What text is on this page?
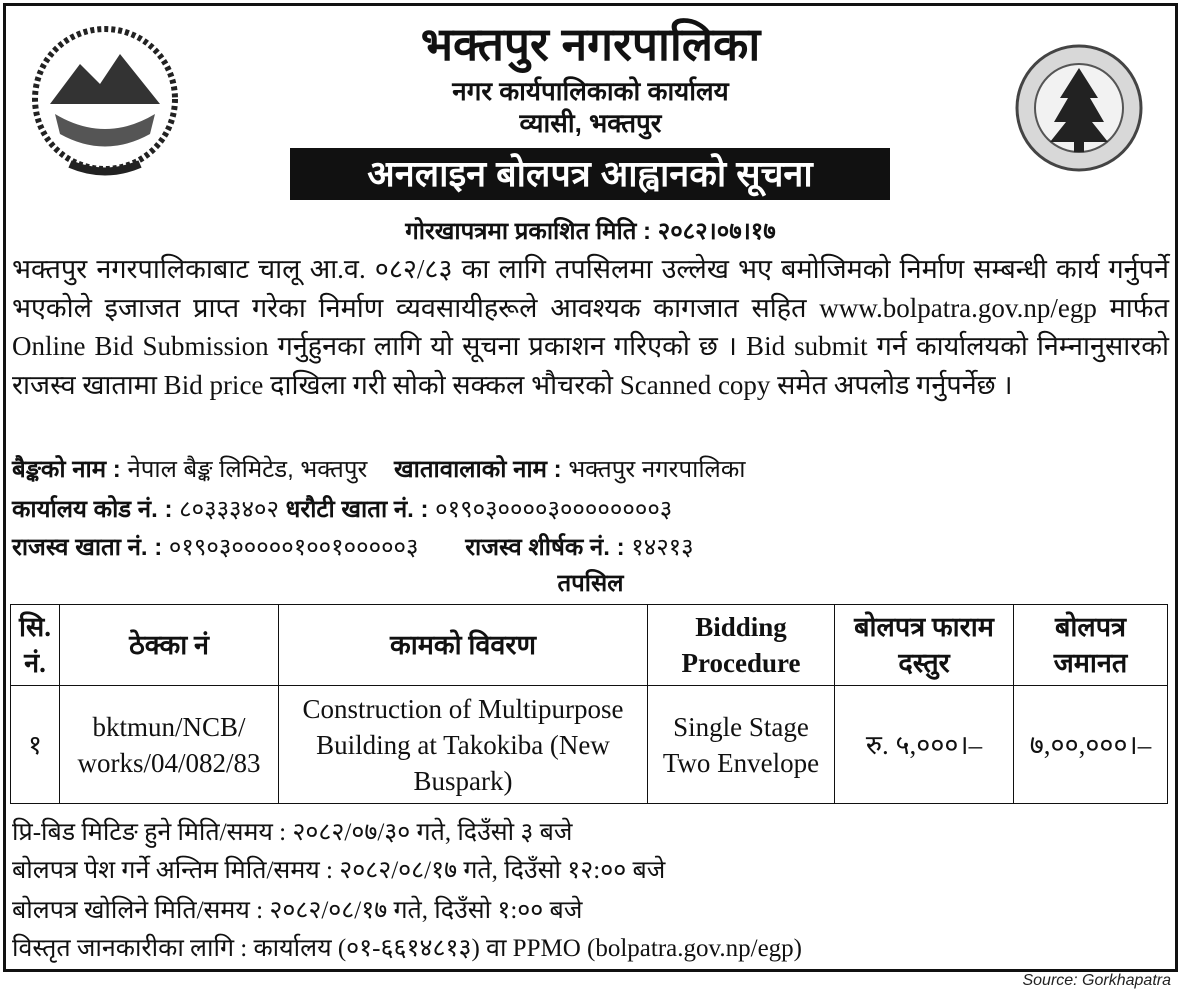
भक्तपुर नगरपालिका
नगर कार्यपालिकाको कार्यालय
व्यासी, भक्तपुर
अनलाइन बोलपत्र आह्वानको सूचना
गोरखापत्रमा प्रकाशित मिति : २०८२।०७।१७
भक्तपुर नगरपालिकाबाट चालू आ.व. ०८२/८३ का लागि तपसिलमा उल्लेख भए बमोजिमको निर्माण सम्बन्धी कार्य गर्नुपर्ने भएकोले इजाजत प्राप्त गरेका निर्माण व्यवसायीहरूले आवश्यक कागजात सहित www.bolpatra.gov.np/egp मार्फत Online Bid Submission गर्नुहुनका लागि यो सूचना प्रकाशन गरिएको छ । Bid submit गर्न कार्यालयको निम्नानुसारको राजस्व खातामा Bid price दाखिला गरी सोको सक्कल भौचरको Scanned copy समेत अपलोड गर्नुपर्नेछ ।
बैङ्कको नाम : नेपाल बैङ्क लिमिटेड, भक्तपुर खातावालाको नाम : भक्तपुर नगरपालिका
कार्यालय कोड नं. : ८०३३३४०२ धरौटी खाता नं. : ०१९०३००००३००००००००३
राजस्व खाता नं. : ०१९०३०००००१००१०००००३ राजस्व शीर्षक नं. : १४२१३
तपसिल
सि. नं.	ठेक्का नं	कामको विवरण	Bidding Procedure	बोलपत्र फाराम दस्तुर	बोलपत्र जमानत
१	bktmun/NCB/ works/04/082/83	Construction of Multipurpose Building at Takokiba (New Buspark)	Single Stage Two Envelope	रु. ५,०००।–	७,००,०००।–
प्रि-बिड मिटिङ हुने मिति/समय : २०८२/०७/३० गते, दिउँसो ३ बजे
बोलपत्र पेश गर्ने अन्तिम मिति/समय : २०८२/०८/१७ गते, दिउँसो १२:०० बजे
बोलपत्र खोलिने मिति/समय : २०८२/०८/१७ गते, दिउँसो १:०० बजे
विस्तृत जानकारीका लागि : कार्यालय (०१-६६१४८१३) वा PPMO (bolpatra.gov.np/egp)
Source: Gorkhapatra
